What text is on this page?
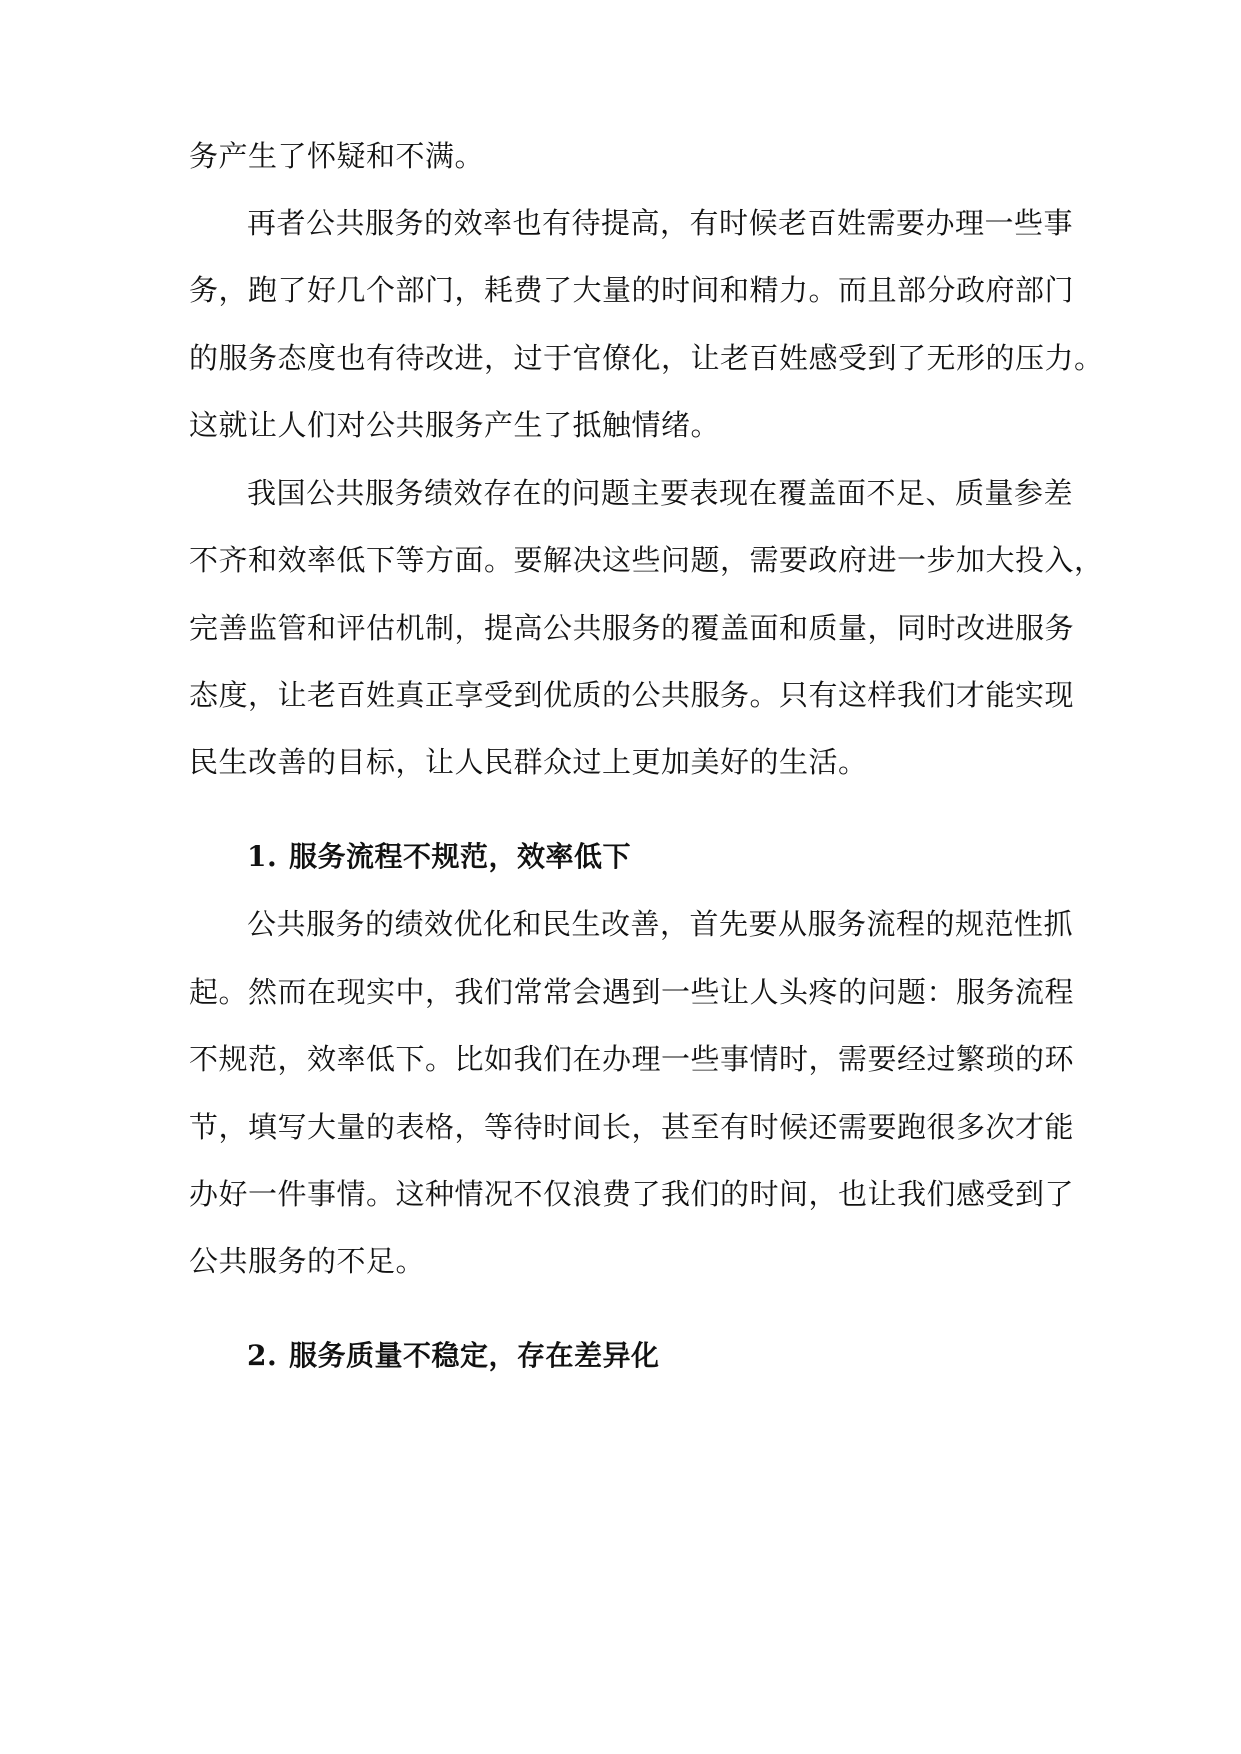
务产生了怀疑和不满。
再者公共服务的效率也有待提高，有时候老百姓需要办理一些事
务，跑了好几个部门，耗费了大量的时间和精力。而且部分政府部门
的服务态度也有待改进，过于官僚化，让老百姓感受到了无形的压力。
这就让人们对公共服务产生了抵触情绪。
我国公共服务绩效存在的问题主要表现在覆盖面不足、质量参差
不齐和效率低下等方面。要解决这些问题，需要政府进一步加大投入，
完善监管和评估机制，提高公共服务的覆盖面和质量，同时改进服务
态度，让老百姓真正享受到优质的公共服务。只有这样我们才能实现
民生改善的目标，让人民群众过上更加美好的生活。
1. 服务流程不规范，效率低下
公共服务的绩效优化和民生改善，首先要从服务流程的规范性抓
起。然而在现实中，我们常常会遇到一些让人头疼的问题：服务流程
不规范，效率低下。比如我们在办理一些事情时，需要经过繁琐的环
节，填写大量的表格，等待时间长，甚至有时候还需要跑很多次才能
办好一件事情。这种情况不仅浪费了我们的时间，也让我们感受到了
公共服务的不足。
2. 服务质量不稳定，存在差异化
